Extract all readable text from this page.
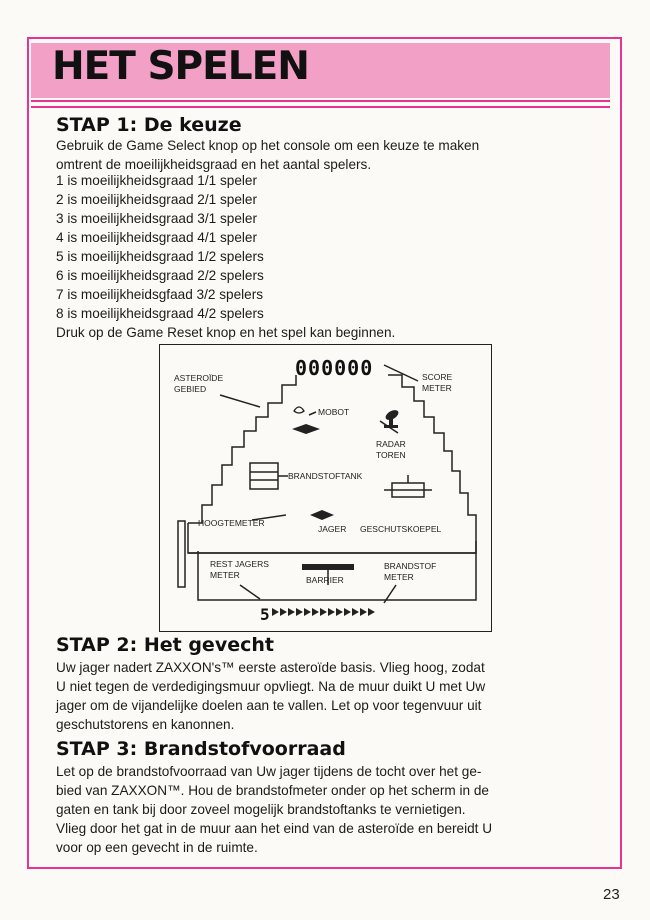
HET SPELEN
STAP 1: De keuze

Gebruik de Game Select knop op het console om een keuze te maken

omtrent de moeilijkheidsgraad en het aantal spelers.

1 is moeilijkheidsgraad 1/1 speler
2 is moeilijkheidsgraad 2/1 speler
3 is moeilijkheidsgraad 3/1 speler
4 is moeilijkheidsgraad 4/1 speler
5 is moeilijkheidsgraad 1/2 spelers
6 is moeilijkheidsgraad 2/2 spelers
7 is moeilijkheidsgfaad 3/2 spelers
8 is moeilijkheidsgraad 4/2 spelers
Druk op de Game Reset knop en het spel kan beginnen.
000000
5
ASTEROÏDE
GEBIED
SCORE
METER
MOBOT
RADAR
TOREN
BRANDSTOFTANK
HOOGTEMETER
JAGER GESCHUTSKOEPEL
REST JAGERS
METER	BARRIER
BRANDSTOF
METER
STAP 2: Het gevecht

Uw jager nadert ZAXXON's™ eerste asteroïde basis. Vlieg hoog, zodat

U niet tegen de verdedigingsmuur opvliegt. Na de muur duikt U met Uw

jager om de vijandelijke doelen aan te vallen. Let op voor tegenvuur uit

geschutstorens en kanonnen.

STAP 3: Brandstofvoorraad

Let op de brandstofvoorraad van Uw jager tijdens de tocht over het ge-

bied van ZAXXON™. Hou de brandstofmeter onder op het scherm in de

gaten en tank bij door zoveel mogelijk brandstoftanks te vernietigen.

Vlieg door het gat in de muur aan het eind van de asteroïde en bereidt U

voor op een gevecht in de ruimte.

23
